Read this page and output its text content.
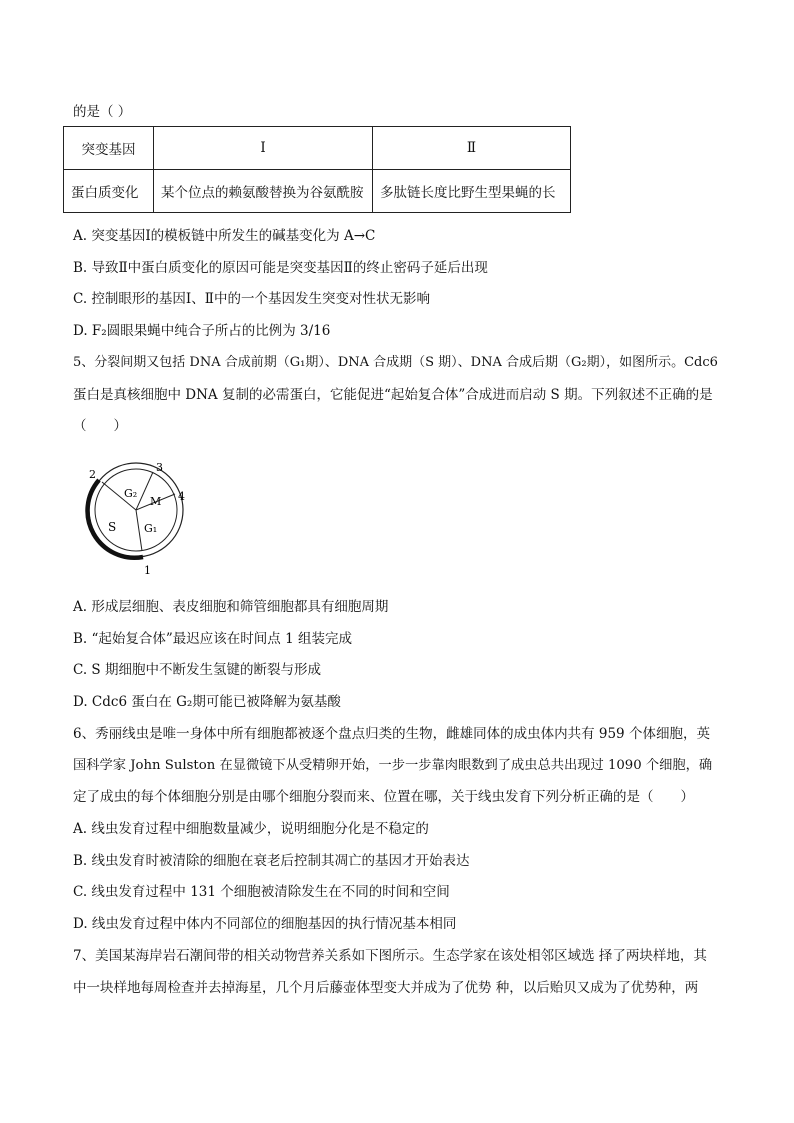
的是（ ）
突变基因	Ⅰ	Ⅱ
蛋白质变化	某个位点的赖氨酸替换为谷氨酰胺	多肽链长度比野生型果蝇的长
A. 突变基因Ⅰ的模板链中所发生的碱基变化为 A→C
B. 导致Ⅱ中蛋白质变化的原因可能是突变基因Ⅱ的终止密码子延后出现
C. 控制眼形的基因Ⅰ、Ⅱ中的一个基因发生突变对性状无影响
D. F₂圆眼果蝇中纯合子所占的比例为 3/16
5、分裂间期又包括 DNA 合成前期（G₁期）、DNA 合成期（S 期）、DNA 合成后期（G₂期），如图所示。Cdc6
蛋白是真核细胞中 DNA 复制的必需蛋白，它能促进“起始复合体”合成进而启动 S 期。下列叙述不正确的是
（　　）
G₂
M
S	G₁
1
2
3
4
A. 形成层细胞、表皮细胞和筛管细胞都具有细胞周期
B. “起始复合体”最迟应该在时间点 1 组装完成
C. S 期细胞中不断发生氢键的断裂与形成
D. Cdc6 蛋白在 G₂期可能已被降解为氨基酸
6、秀丽线虫是唯一身体中所有细胞都被逐个盘点归类的生物，雌雄同体的成虫体内共有 959 个体细胞，英
国科学家 John Sulston 在显微镜下从受精卵开始，一步一步靠肉眼数到了成虫总共出现过 1090 个细胞，确
定了成虫的每个体细胞分别是由哪个细胞分裂而来、位置在哪，关于线虫发育下列分析正确的是（　　）
A. 线虫发育过程中细胞数量减少，说明细胞分化是不稳定的
B. 线虫发育时被清除的细胞在衰老后控制其凋亡的基因才开始表达
C. 线虫发育过程中 131 个细胞被清除发生在不同的时间和空间
D. 线虫发育过程中体内不同部位的细胞基因的执行情况基本相同
7、美国某海岸岩石潮间带的相关动物营养关系如下图所示。生态学家在该处相邻区域选 择了两块样地，其
中一块样地每周检查并去掉海星，几个月后藤壶体型变大并成为了优势 种，以后贻贝又成为了优势种，两
